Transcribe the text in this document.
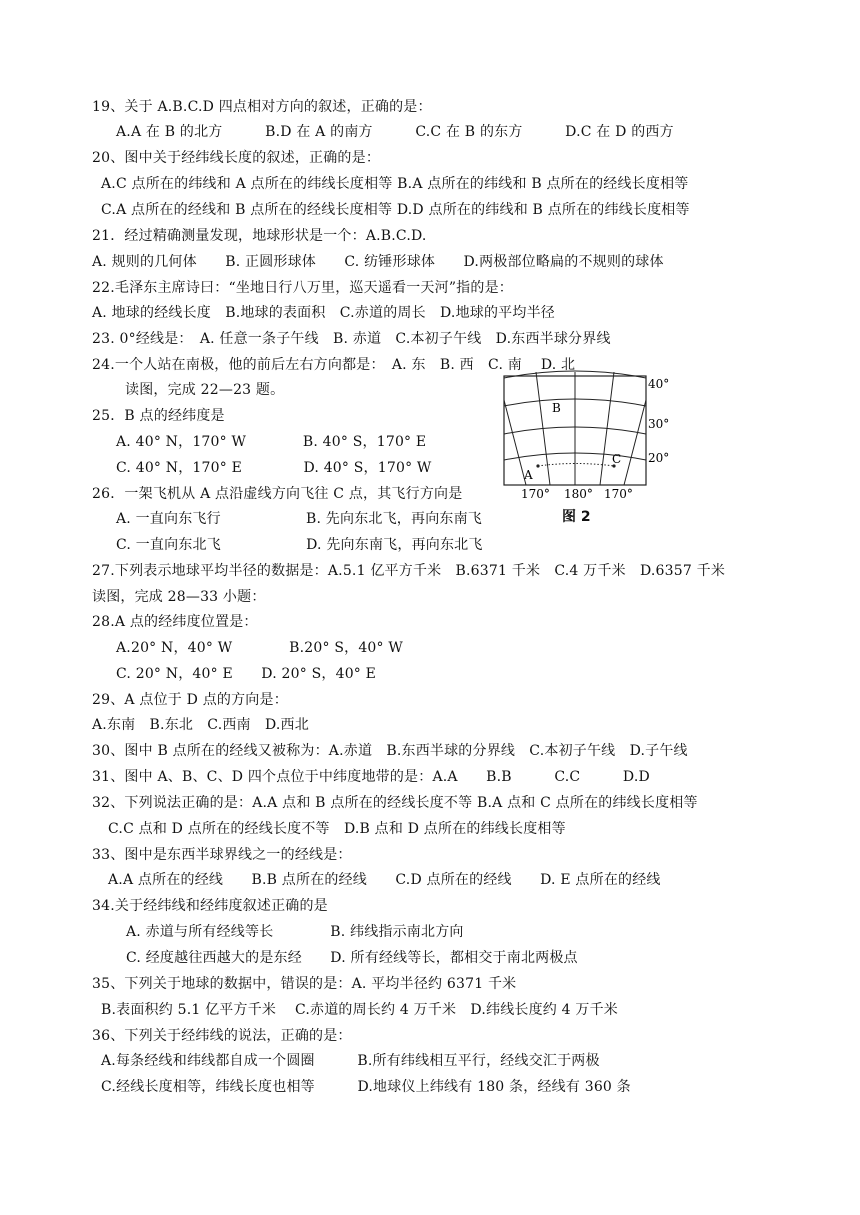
19、关于 A.B.C.D 四点相对方向的叙述，正确的是：
A.A 在 B 的北方　　　B.D 在 A 的南方　　　C.C 在 B 的东方　　　D.C 在 D 的西方
20、图中关于经纬线长度的叙述，正确的是：
A.C 点所在的纬线和 A 点所在的纬线长度相等 B.A 点所在的纬线和 B 点所在的经线长度相等
C.A 点所在的经线和 B 点所在的经线长度相等 D.D 点所在的纬线和 B 点所在的纬线长度相等
21．经过精确测量发现，地球形状是一个：A.B.C.D.
A. 规则的几何体　　B. 正圆形球体　　C. 纺锤形球体　　D.两极部位略扁的不规则的球体
22.毛泽东主席诗曰：“坐地日行八万里，巡天遥看一天河”指的是：
A. 地球的经线长度　B.地球的表面积　C.赤道的周长　D.地球的平均半径
23. 0°经线是：　A. 任意一条子午线　B. 赤道　C.本初子午线　D.东西半球分界线
24.一个人站在南极，他的前后左右方向都是：　A. 东　B. 西　C. 南　 D. 北
读图，完成 22—23 题。
25．B 点的经纬度是
A. 40° N，170° W　　　　B. 40° S，170° E
C. 40° N，170° E　　　　 D. 40° S，170° W
26．一架飞机从 A 点沿虚线方向飞往 C 点，其飞行方向是
A. 一直向东飞行　　　　　　B. 先向东北飞，再向东南飞
C. 一直向东北飞　　　　　　D. 先向东南飞，再向东北飞
27.下列表示地球平均半径的数据是：A.5.1 亿平方千米　B.6371 千米　C.4 万千米　D.6357 千米
读图，完成 28—33 小题：
28.A 点的经纬度位置是：
A.20° N，40° W　　　　B.20° S，40° W
C. 20° N，40° E　　D. 20° S，40° E
29、A 点位于 D 点的方向是：
A.东南　B.东北　C.西南　D.西北
30、图中 B 点所在的经线又被称为：A.赤道　B.东西半球的分界线　C.本初子午线　D.子午线
31、图中 A、B、C、D 四个点位于中纬度地带的是：A.A　　B.B　　　C.C　　　D.D
32、下列说法正确的是：A.A 点和 B 点所在的经线长度不等 B.A 点和 C 点所在的纬线长度相等
C.C 点和 D 点所在的经线长度不等　D.B 点和 D 点所在的纬线长度相等
33、图中是东西半球界线之一的经线是：
A.A 点所在的经线　　B.B 点所在的经线　　C.D 点所在的经线　　D. E 点所在的经线
34.关于经纬线和经纬度叙述正确的是
A. 赤道与所有经线等长　　　　B. 纬线指示南北方向
C. 经度越往西越大的是东经　　D. 所有经线等长，都相交于南北两极点
35、下列关于地球的数据中，错误的是：A. 平均半径约 6371 千米
B.表面积约 5.1 亿平方千米　 C.赤道的周长约 4 万千米　D.纬线长度约 4 万千米
36、下列关于经纬线的说法，正确的是：
A.每条经线和纬线都自成一个圆圈　　　B.所有纬线相互平行，经线交汇于两极
C.经线长度相等，纬线长度也相等　　　D.地球仪上纬线有 180 条，经线有 360 条
A
B
C
40°
30°
20°
170° 180° 170°
图 2
